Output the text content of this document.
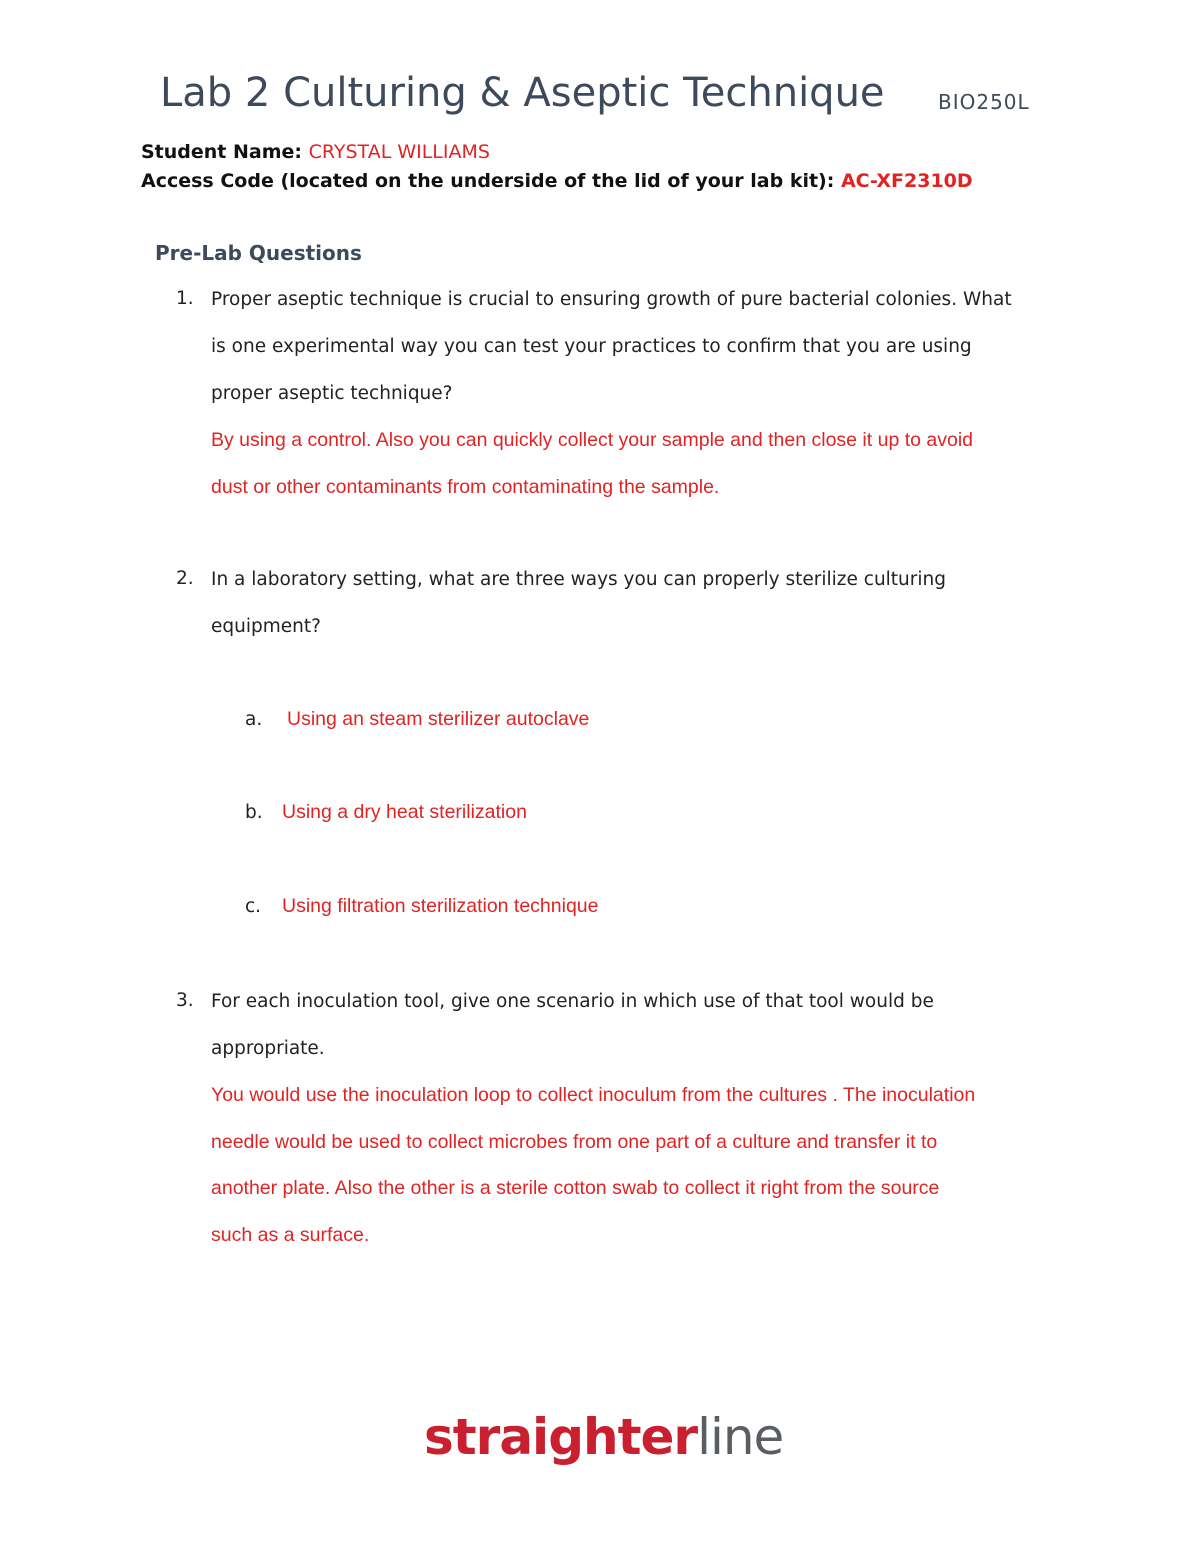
Lab 2 Culturing & Aseptic Technique	BIO250L
Student Name: CRYSTAL WILLIAMS
Access Code (located on the underside of the lid of your lab kit): AC-XF2310D
Pre-Lab Questions
1. Proper aseptic technique is crucial to ensuring growth of pure bacterial colonies. What
is one experimental way you can test your practices to confirm that you are using
proper aseptic technique?
By using a control. Also you can quickly collect your sample and then close it up to avoid
dust or other contaminants from contaminating the sample.
2. In a laboratory setting, what are three ways you can properly sterilize culturing
equipment?
a. Using an steam sterilizer autoclave
b. Using a dry heat sterilization
c. Using filtration sterilization technique
3. For each inoculation tool, give one scenario in which use of that tool would be
appropriate.
You would use the inoculation loop to collect inoculum from the cultures . The inoculation
needle would be used to collect microbes from one part of a culture and transfer it to
another plate. Also the other is a sterile cotton swab to collect it right from the source
such as a surface.
straighterline
